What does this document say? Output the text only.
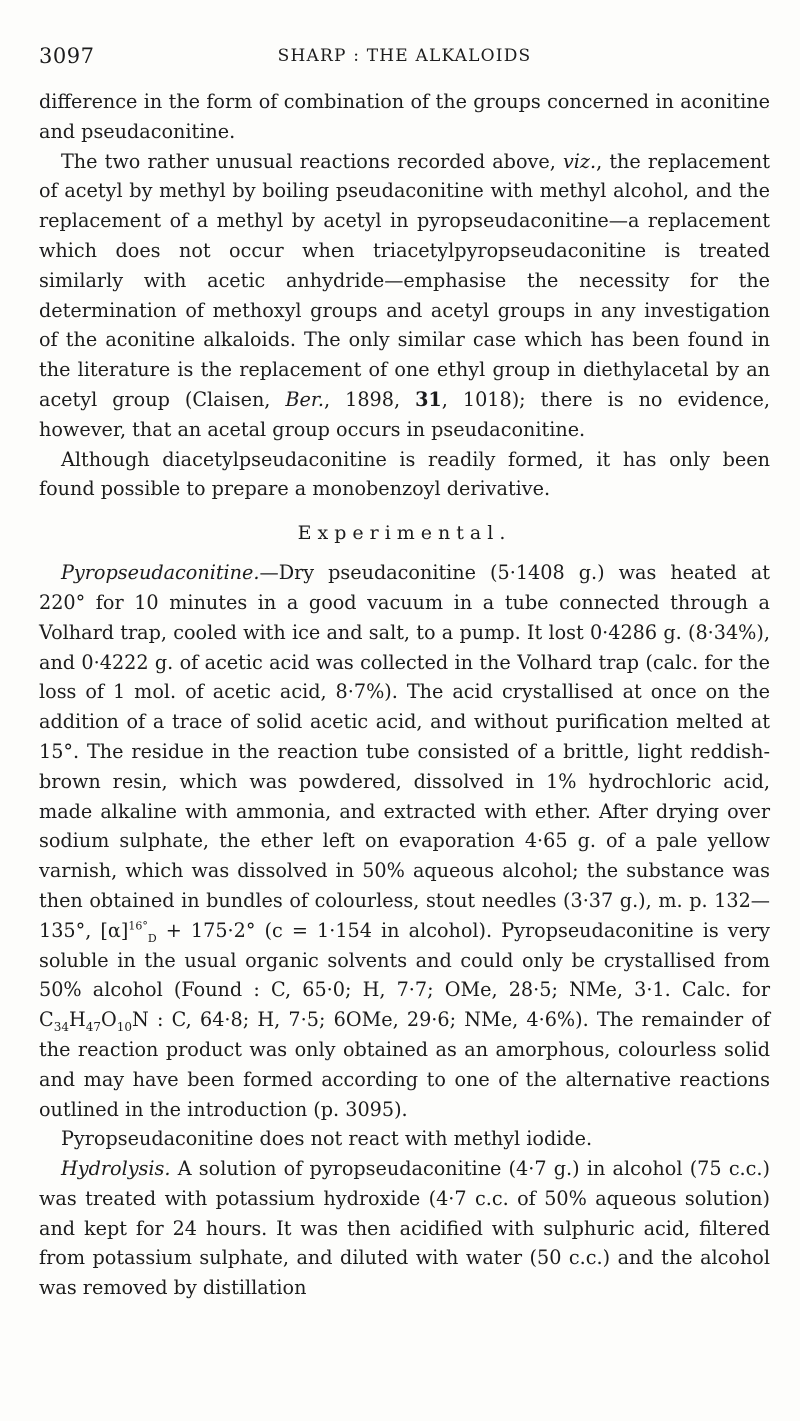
3097	SHARP : THE ALKALOIDS

difference in the form of combination of the groups concerned in aconitine and pseudaconitine.

The two rather unusual reactions recorded above, viz., the replacement of acetyl by methyl by boiling pseudaconitine with methyl alcohol, and the replacement of a methyl by acetyl in pyropseudaconitine—a replacement which does not occur when triacetylpyropseudaconitine is treated similarly with acetic anhydride—emphasise the necessity for the determination of methoxyl groups and acetyl groups in any investigation of the aconitine alkaloids. The only similar case which has been found in the literature is the replacement of one ethyl group in diethylacetal by an acetyl group (Claisen, Ber., 1898, 31, 1018); there is no evidence, however, that an acetal group occurs in pseudaconitine.

Although diacetylpseudaconitine is readily formed, it has only been found possible to prepare a monobenzoyl derivative.

Experimental.

Pyropseudaconitine.—Dry pseudaconitine (5·1408 g.) was heated at 220° for 10 minutes in a good vacuum in a tube connected through a Volhard trap, cooled with ice and salt, to a pump. It lost 0·4286 g. (8·34%), and 0·4222 g. of acetic acid was collected in the Volhard trap (calc. for the loss of 1 mol. of acetic acid, 8·7%). The acid crystallised at once on the addition of a trace of solid acetic acid, and without purification melted at 15°. The residue in the reaction tube consisted of a brittle, light reddish-brown resin, which was powdered, dissolved in 1% hydrochloric acid, made alkaline with ammonia, and extracted with ether. After drying over sodium sulphate, the ether left on evaporation 4·65 g. of a pale yellow varnish, which was dissolved in 50% aqueous alcohol; the substance was then obtained in bundles of colourless, stout needles (3·37 g.), m. p. 132—135°, $[\alpha]^{16^\circ}_D + 175\cdot 2^\circ$ (c = 1·154 in alcohol). Pyropseudaconitine is very soluble in the usual organic solvents and could only be crystallised from 50% alcohol (Found : C, 65·0; H, 7·7; OMe, 28·5; NMe, 3·1. Calc. for $C_{34}H_{47}O_{10}N$ : C, 64·8; H, 7·5; 6OMe, 29·6; NMe, 4·6%). The remainder of the reaction product was only obtained as an amorphous, colourless solid and may have been formed according to one of the alternative reactions outlined in the introduction (p. 3095).

Pyropseudaconitine does not react with methyl iodide.

Hydrolysis. A solution of pyropseudaconitine (4·7 g.) in alcohol (75 c.c.) was treated with potassium hydroxide (4·7 c.c. of 50% aqueous solution) and kept for 24 hours. It was then acidified with sulphuric acid, filtered from potassium sulphate, and diluted with water (50 c.c.) and the alcohol was removed by distillation
